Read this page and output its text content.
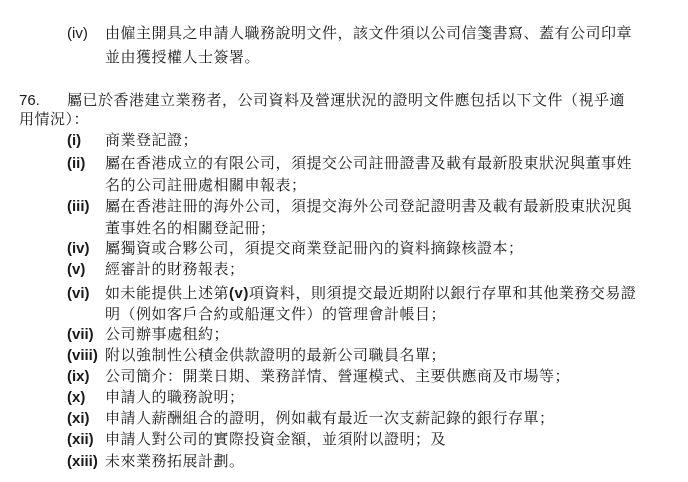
(iv)	由僱主開具之申請人職務說明文件，該文件須以公司信箋書寫、蓋有公司印章
並由獲授權人士簽署。
76.	屬已於香港建立業務者，公司資料及營運狀況的證明文件應包括以下文件（視乎適
用情況）：
(i)	商業登記證；
(ii)	屬在香港成立的有限公司，須提交公司註冊證書及載有最新股東狀況與董事姓
名的公司註冊處相關申報表；
(iii)	屬在香港註冊的海外公司，須提交海外公司登記證明書及載有最新股東狀況與
董事姓名的相關登記冊；
(iv)	屬獨資或合夥公司，須提交商業登記冊內的資料摘錄核證本；
(v)	經審計的財務報表；
(vi)	如未能提供上述第(v)項資料，則須提交最近期附以銀行存單和其他業務交易證
明（例如客戶合約或船運文件）的管理會計帳目；
(vii) 公司辦事處租約；
(viii) 附以強制性公積金供款證明的最新公司職員名單；
(ix)	公司簡介：開業日期、業務詳情、營運模式、主要供應商及市場等；
(x)	申請人的職務說明；
(xi)	申請人薪酬組合的證明，例如載有最近一次支薪記錄的銀行存單；
(xii) 申請人對公司的實際投資金額，並須附以證明；及
(xiii) 未來業務拓展計劃。
